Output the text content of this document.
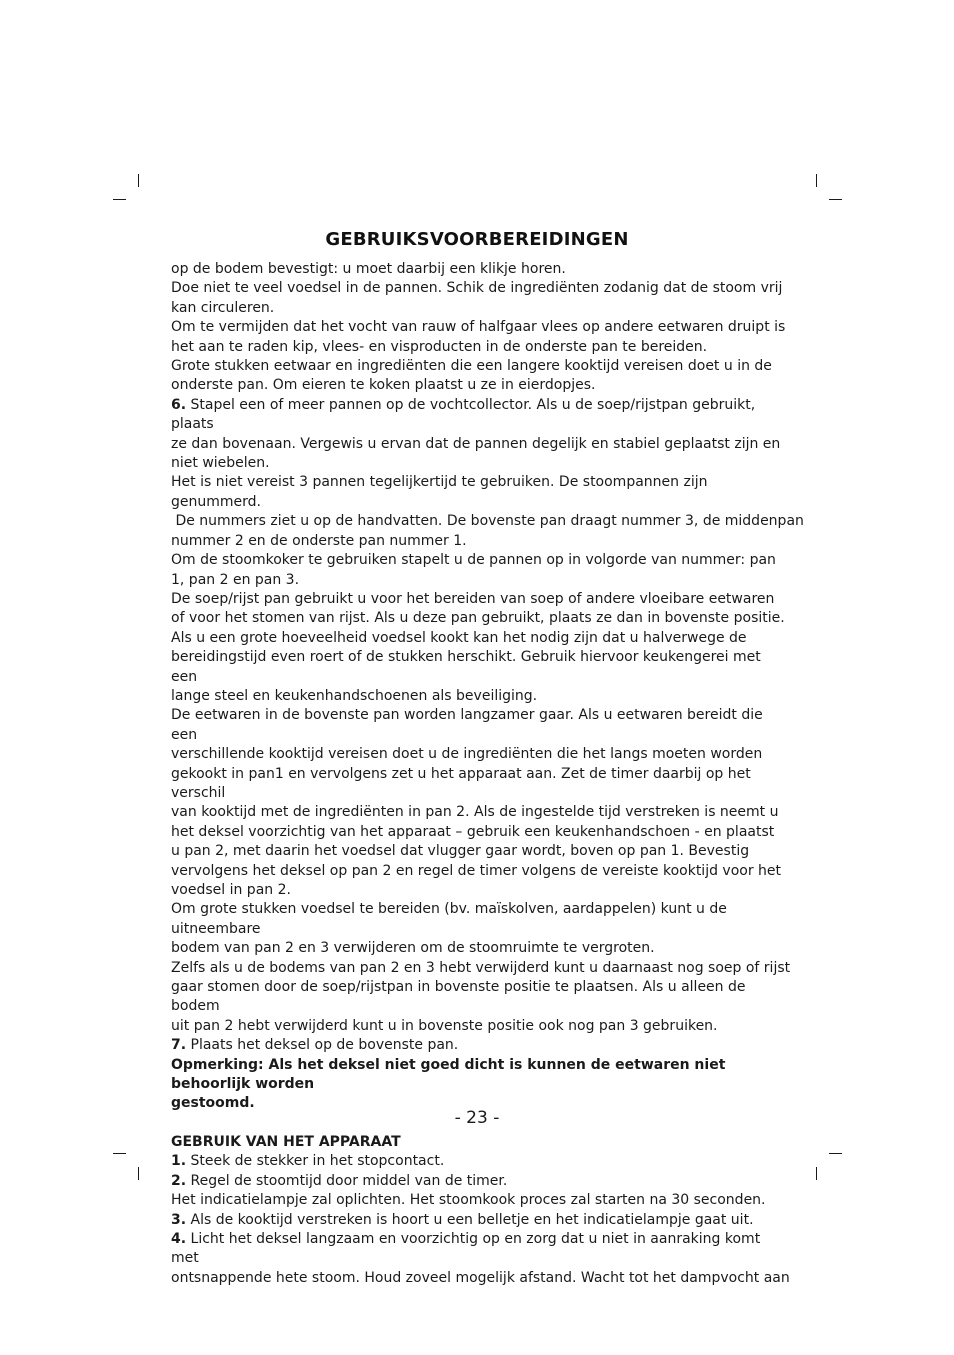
GEBRUIKSVOORBEREIDINGEN

op de bodem bevestigt: u moet daarbij een klikje horen.

Doe niet te veel voedsel in de pannen. Schik de ingrediënten zodanig dat de stoom vrij

kan circuleren.

Om te vermijden dat het vocht van rauw of halfgaar vlees op andere eetwaren druipt is

het aan te raden kip, vlees- en visproducten in de onderste pan te bereiden.

Grote stukken eetwaar en ingrediënten die een langere kooktijd vereisen doet u in de

onderste pan. Om eieren te koken plaatst u ze in eierdopjes.

6. Stapel een of meer pannen op de vochtcollector. Als u de soep/rijstpan gebruikt, plaats

ze dan bovenaan. Vergewis u ervan dat de pannen degelijk en stabiel geplaatst zijn en

niet wiebelen.

Het is niet vereist 3 pannen tegelijkertijd te gebruiken. De stoompannen zijn genummerd.

De nummers ziet u op de handvatten. De bovenste pan draagt nummer 3, de middenpan

nummer 2 en de onderste pan nummer 1.

Om de stoomkoker te gebruiken stapelt u de pannen op in volgorde van nummer: pan

1, pan 2 en pan 3.

De soep/rijst pan gebruikt u voor het bereiden van soep of andere vloeibare eetwaren

of voor het stomen van rijst. Als u deze pan gebruikt, plaats ze dan in bovenste positie.

Als u een grote hoeveelheid voedsel kookt kan het nodig zijn dat u halverwege de

bereidingstijd even roert of de stukken herschikt. Gebruik hiervoor keukengerei met een

lange steel en keukenhandschoenen als beveiliging.

De eetwaren in de bovenste pan worden langzamer gaar. Als u eetwaren bereidt die een

verschillende kooktijd vereisen doet u de ingrediënten die het langs moeten worden

gekookt in pan1 en vervolgens zet u het apparaat aan. Zet de timer daarbij op het verschil

van kooktijd met de ingrediënten in pan 2. Als de ingestelde tijd verstreken is neemt u

het deksel voorzichtig van het apparaat – gebruik een keukenhandschoen - en plaatst

u pan 2, met daarin het voedsel dat vlugger gaar wordt, boven op pan 1. Bevestig

vervolgens het deksel op pan 2 en regel de timer volgens de vereiste kooktijd voor het

voedsel in pan 2.

Om grote stukken voedsel te bereiden (bv. maïskolven, aardappelen) kunt u de uitneembare

bodem van pan 2 en 3 verwijderen om de stoomruimte te vergroten.

Zelfs als u de bodems van pan 2 en 3 hebt verwijderd kunt u daarnaast nog soep of rijst

gaar stomen door de soep/rijstpan in bovenste positie te plaatsen. Als u alleen de bodem

uit pan 2 hebt verwijderd kunt u in bovenste positie ook nog pan 3 gebruiken.

7. Plaats het deksel op de bovenste pan.

Opmerking: Als het deksel niet goed dicht is kunnen de eetwaren niet behoorlijk worden
gestoomd.

GEBRUIK VAN HET APPARAAT

1. Steek de stekker in het stopcontact.

2. Regel de stoomtijd door middel van de timer.

Het indicatielampje zal oplichten. Het stoomkook proces zal starten na 30 seconden.

3. Als de kooktijd verstreken is hoort u een belletje en het indicatielampje gaat uit.

4. Licht het deksel langzaam en voorzichtig op en zorg dat u niet in aanraking komt met
ontsnappende hete stoom. Houd zoveel mogelijk afstand. Wacht tot het dampvocht aan

- 23 -
